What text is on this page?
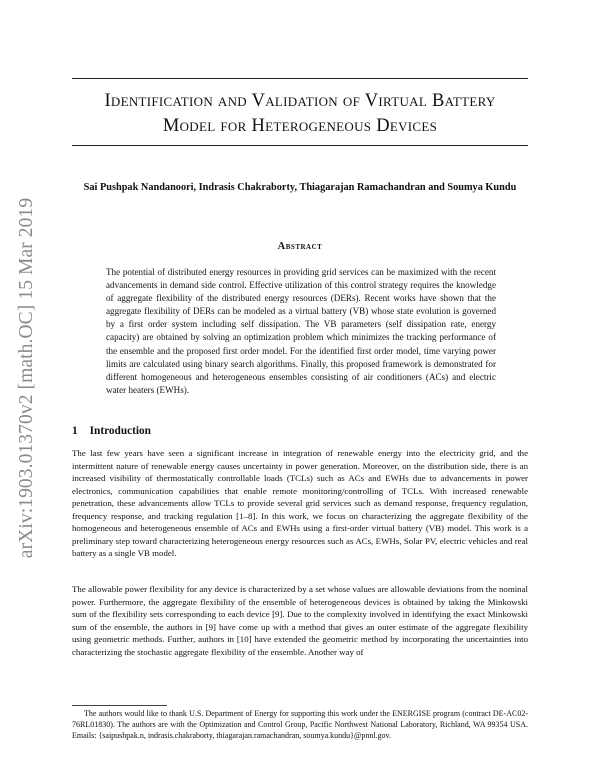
arXiv:1903.01370v2 [math.OC] 15 Mar 2019
Identification and Validation of Virtual Battery
Model for Heterogeneous Devices
Sai Pushpak Nandanoori, Indrasis Chakraborty, Thiagarajan Ramachandran and Soumya Kundu
Abstract

The potential of distributed energy resources in providing grid services can be maximized with the recent advancements in demand side control. Effective utilization of this control strategy requires the knowledge of aggregate flexibility of the distributed energy resources (DERs). Recent works have shown that the aggregate flexibility of DERs can be modeled as a virtual battery (VB) whose state evolution is governed by a first order system including self dissipation. The VB parameters (self dissipation rate, energy capacity) are obtained by solving an optimization problem which minimizes the tracking performance of the ensemble and the proposed first order model. For the identified first order model, time varying power limits are calculated using binary search algorithms. Finally, this proposed framework is demonstrated for different homogeneous and heterogeneous ensembles consisting of air conditioners (ACs) and electric water heaters (EWHs).

1 Introduction

The last few years have seen a significant increase in integration of renewable energy into the electricity grid, and the intermittent nature of renewable energy causes uncertainty in power generation. Moreover, on the distribution side, there is an increased visibility of thermostatically controllable loads (TCLs) such as ACs and EWHs due to advancements in power electronics, communication capabilities that enable remote monitoring/controlling of TCLs. With increased renewable penetration, these advancements allow TCLs to provide several grid services such as demand response, frequency regulation, frequency response, and tracking regulation [1–8]. In this work, we focus on characterizing the aggregate flexibility of the homogeneous and heterogeneous ensemble of ACs and EWHs using a first-order virtual battery (VB) model. This work is a preliminary step toward characterizing heterogeneous energy resources such as ACs, EWHs, Solar PV, electric vehicles and real battery as a single VB model.

The allowable power flexibility for any device is characterized by a set whose values are allowable deviations from the nominal power. Furthermore, the aggregate flexibility of the ensemble of heterogeneous devices is obtained by taking the Minkowski sum of the flexibility sets corresponding to each device [9]. Due to the complexity involved in identifying the exact Minkowski sum of the ensemble, the authors in [9] have come up with a method that gives an outer estimate of the aggregate flexibility using geometric methods. Further, authors in [10] have extended the geometric method by incorporating the uncertainties into characterizing the stochastic aggregate flexibility of the ensemble. Another way of

The authors would like to thank U.S. Department of Energy for supporting this work under the ENERGISE program (contract DE-AC02-76RL01830). The authors are with the Optimization and Control Group, Pacific Northwest National Laboratory, Richland, WA 99354 USA. Emails: {saipushpak.n, indrasis.chakraborty, thiagarajan.ramachandran, soumya.kundu}@pnnl.gov.
